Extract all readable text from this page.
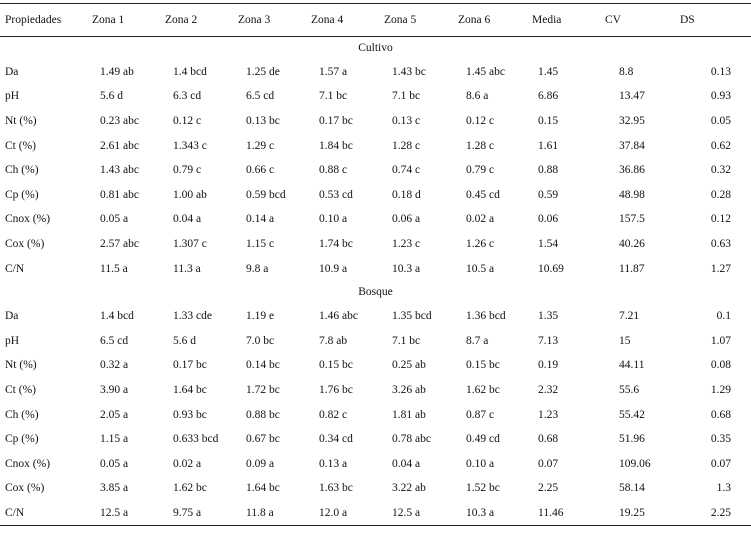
Propiedades	Zona 1	Zona 2	Zona 3	Zona 4	Zona 5	Zona 6	Media	CV	DS
Cultivo									
Da	1.49 ab	1.4 bcd	1.25 de	1.57 a	1.43 bc	1.45 abc	1.45	8.8	0.13
pH	5.6 d	6.3 cd	6.5 cd	7.1 bc	7.1 bc	8.6 a	6.86	13.47	0.93
Nt (%)	0.23 abc	0.12 c	0.13 bc	0.17 bc	0.13 c	0.12 c	0.15	32.95	0.05
Ct (%)	2.61 abc	1.343 c	1.29 c	1.84 bc	1.28 c	1.28 c	1.61	37.84	0.62
Ch (%)	1.43 abc	0.79 c	0.66 c	0.88 c	0.74 c	0.79 c	0.88	36.86	0.32
Cp (%)	0.81 abc	1.00 ab	0.59 bcd	0.53 cd	0.18 d	0.45 cd	0.59	48.98	0.28
Cnox (%)	0.05 a	0.04 a	0.14 a	0.10 a	0.06 a	0.02 a	0.06	157.5	0.12
Cox (%)	2.57 abc	1.307 c	1.15 c	1.74 bc	1.23 c	1.26 c	1.54	40.26	0.63
C/N	11.5 a	11.3 a	9.8 a	10.9 a	10.3 a	10.5 a	10.69	11.87	1.27
Bosque									
Da	1.4 bcd	1.33 cde	1.19 e	1.46 abc	1.35 bcd	1.36 bcd	1.35	7.21	0.1
pH	6.5 cd	5.6 d	7.0 bc	7.8 ab	7.1 bc	8.7 a	7.13	15	1.07
Nt (%)	0.32 a	0.17 bc	0.14 bc	0.15 bc	0.25 ab	0.15 bc	0.19	44.11	0.08
Ct (%)	3.90 a	1.64 bc	1.72 bc	1.76 bc	3.26 ab	1.62 bc	2.32	55.6	1.29
Ch (%)	2.05 a	0.93 bc	0.88 bc	0.82 c	1.81 ab	0.87 c	1.23	55.42	0.68
Cp (%)	1.15 a	0.633 bcd	0.67 bc	0.34 cd	0.78 abc	0.49 cd	0.68	51.96	0.35
Cnox (%)	0.05 a	0.02 a	0.09 a	0.13 a	0.04 a	0.10 a	0.07	109.06	0.07
Cox (%)	3.85 a	1.62 bc	1.64 bc	1.63 bc	3.22 ab	1.52 bc	2.25	58.14	1.3
C/N	12.5 a	9.75 a	11.8 a	12.0 a	12.5 a	10.3 a	11.46	19.25	2.25
